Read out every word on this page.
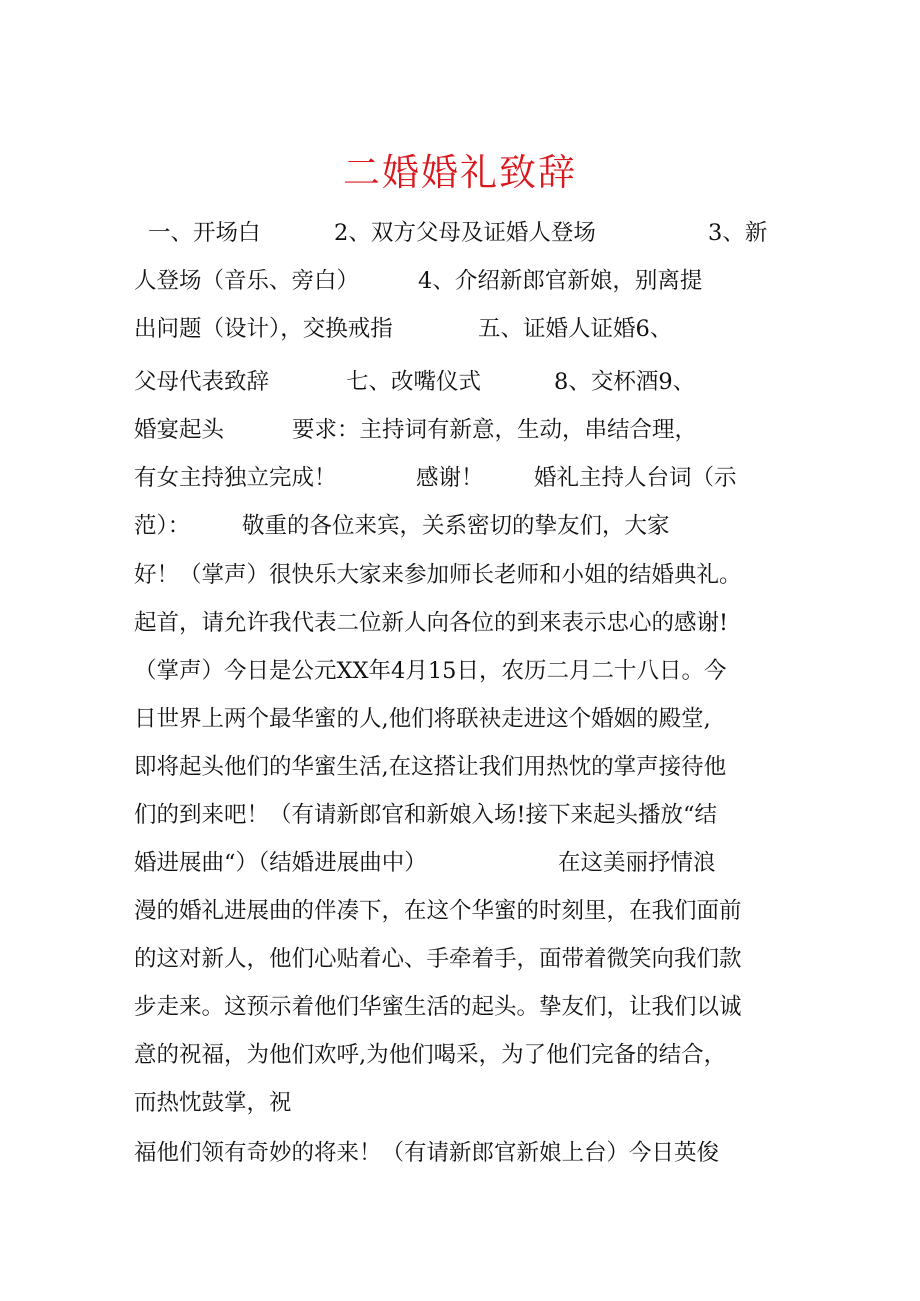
二婚婚礼致辞
一、开场白	2、双方父母及证婚人登场	3、新
人登场（音乐、旁白）	4、介绍新郎官新娘，别离提
出问题（设计），交换戒指	五、证婚人证婚6、
父母代表致辞	七、改嘴仪式	8、交杯酒9、
婚宴起头	要求：主持词有新意，生动，串结合理，
有女主持独立完成！	感谢！ 婚礼主持人台词（示
范）： 敬重的各位来宾，关系密切的挚友们，大家
好！（掌声）很快乐大家来参加师长老师和小姐的结婚典礼。
起首，请允许我代表二位新人向各位的到来表示忠心的感谢!
（掌声）今日是公元XX年4月15日，农历二月二十八日。今
日世界上两个最华蜜的人,他们将联袂走进这个婚姻的殿堂,
即将起头他们的华蜜生活,在这搭让我们用热忱的掌声接待他
们的到来吧！（有请新郎官和新娘入场!接下来起头播放“结
婚进展曲“）（结婚进展曲中）	在这美丽抒情浪
漫的婚礼进展曲的伴凑下，在这个华蜜的时刻里，在我们面前
的这对新人，他们心贴着心、手牵着手，面带着微笑向我们款
步走来。这预示着他们华蜜生活的起头。挚友们，让我们以诚
意的祝福，为他们欢呼,为他们喝采，为了他们完备的结合，
而热忱鼓掌，祝
福他们领有奇妙的将来！（有请新郎官新娘上台）今日英俊
